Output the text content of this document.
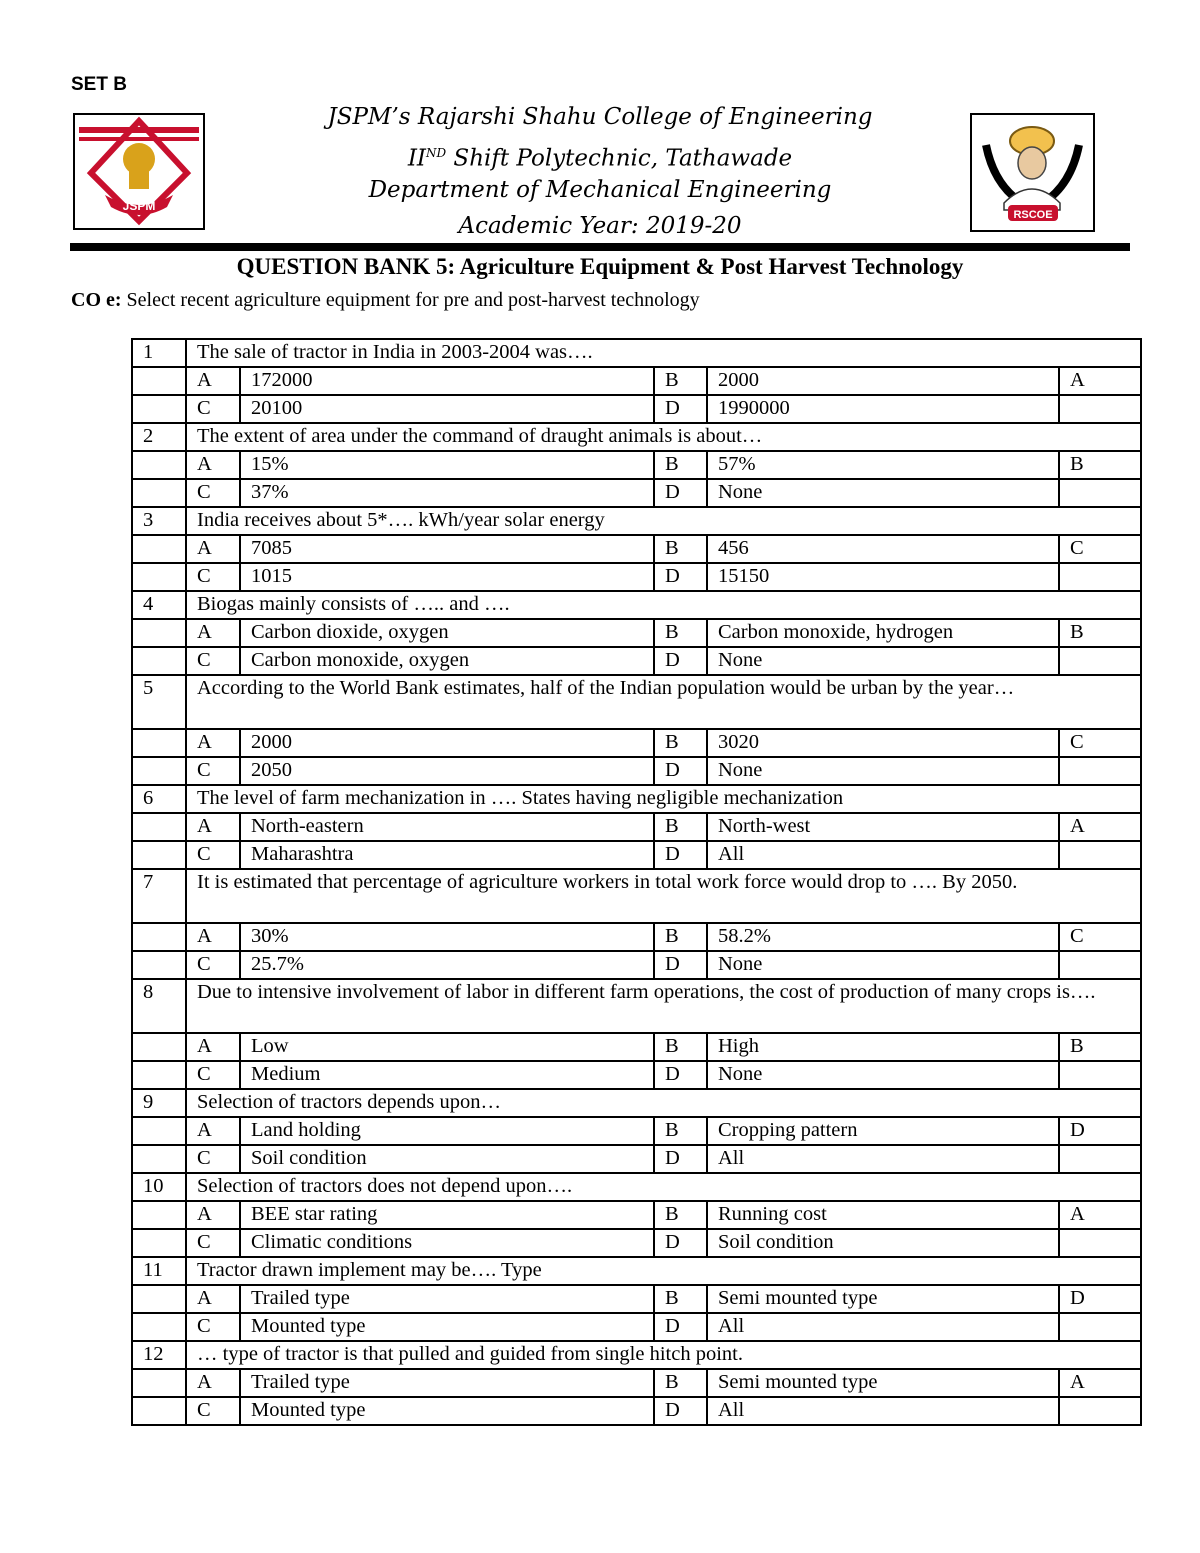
SET B
JSPM
RSCOE
JSPM’s Rajarshi Shahu College of Engineering
IIND Shift Polytechnic, Tathawade
Department of Mechanical Engineering
Academic Year: 2019-20
QUESTION BANK 5: Agriculture Equipment & Post Harvest Technology
CO e: Select recent agriculture equipment for pre and post-harvest technology
1	The sale of tractor in India in 2003-2004 was….				
	A	172000	B	2000	A
	C	20100	D	1990000	
2	The extent of area under the command of draught animals is about…				
	A	15%	B	57%	B
	C	37%	D	None	
3	India receives about 5*…. kWh/year solar energy				
	A	7085	B	456	C
	C	1015	D	15150	
4	Biogas mainly consists of ….. and ….				
	A	Carbon dioxide, oxygen	B	Carbon monoxide, hydrogen	B
	C	Carbon monoxide, oxygen	D	None	
5	According to the World Bank estimates, half of the Indian population would be urban by the year…				
	A	2000	B	3020	C
	C	2050	D	None	
6	The level of farm mechanization in …. States having negligible mechanization				
	A	North-eastern	B	North-west	A
	C	Maharashtra	D	All	
7	It is estimated that percentage of agriculture workers in total work force would drop to …. By 2050.				
	A	30%	B	58.2%	C
	C	25.7%	D	None	
8	Due to intensive involvement of labor in different farm operations, the cost of production of many crops is….				
	A	Low	B	High	B
	C	Medium	D	None	
9	Selection of tractors depends upon…				
	A	Land holding	B	Cropping pattern	D
	C	Soil condition	D	All	
10	Selection of tractors does not depend upon….				
	A	BEE star rating	B	Running cost	A
	C	Climatic conditions	D	Soil condition	
11	Tractor drawn implement may be…. Type				
	A	Trailed type	B	Semi mounted type	D
	C	Mounted type	D	All	
12	… type of tractor is that pulled and guided from single hitch point.				
	A	Trailed type	B	Semi mounted type	A
	C	Mounted type	D	All	
